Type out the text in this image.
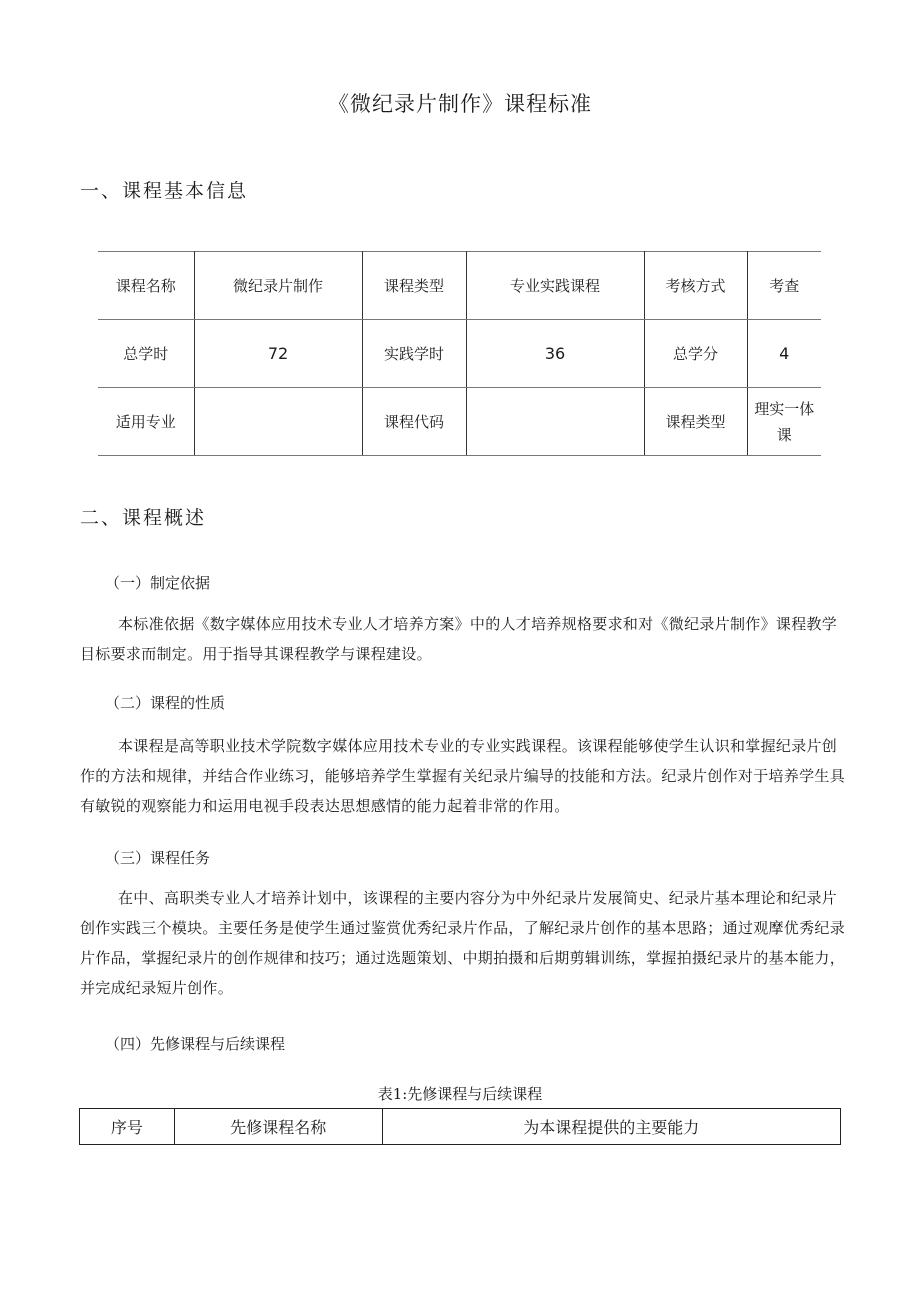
《微纪录片制作》课程标准
一、课程基本信息
课程名称	微纪录片制作	课程类型	专业实践课程	考核方式	考查
总学时	72	实践学时	36	总学分	4
适用专业		课程代码		课程类型	理实一体课
二、课程概述
（一）制定依据

本标准依据《数字媒体应用技术专业人才培养方案》中的人才培养规格要求和对《微纪录片制作》课程教学目标要求而制定。用于指导其课程教学与课程建设。

（二）课程的性质

本课程是高等职业技术学院数字媒体应用技术专业的专业实践课程。该课程能够使学生认识和掌握纪录片创作的方法和规律，并结合作业练习，能够培养学生掌握有关纪录片编导的技能和方法。纪录片创作对于培养学生具有敏锐的观察能力和运用电视手段表达思想感情的能力起着非常的作用。

（三）课程任务

在中、高职类专业人才培养计划中，该课程的主要内容分为中外纪录片发展简史、纪录片基本理论和纪录片创作实践三个模块。主要任务是使学生通过鉴赏优秀纪录片作品，了解纪录片创作的基本思路；通过观摩优秀纪录片作品，掌握纪录片的创作规律和技巧；通过选题策划、中期拍摄和后期剪辑训练，掌握拍摄纪录片的基本能力，并完成纪录短片创作。

（四）先修课程与后续课程
表1:先修课程与后续课程
序号	先修课程名称	为本课程提供的主要能力
